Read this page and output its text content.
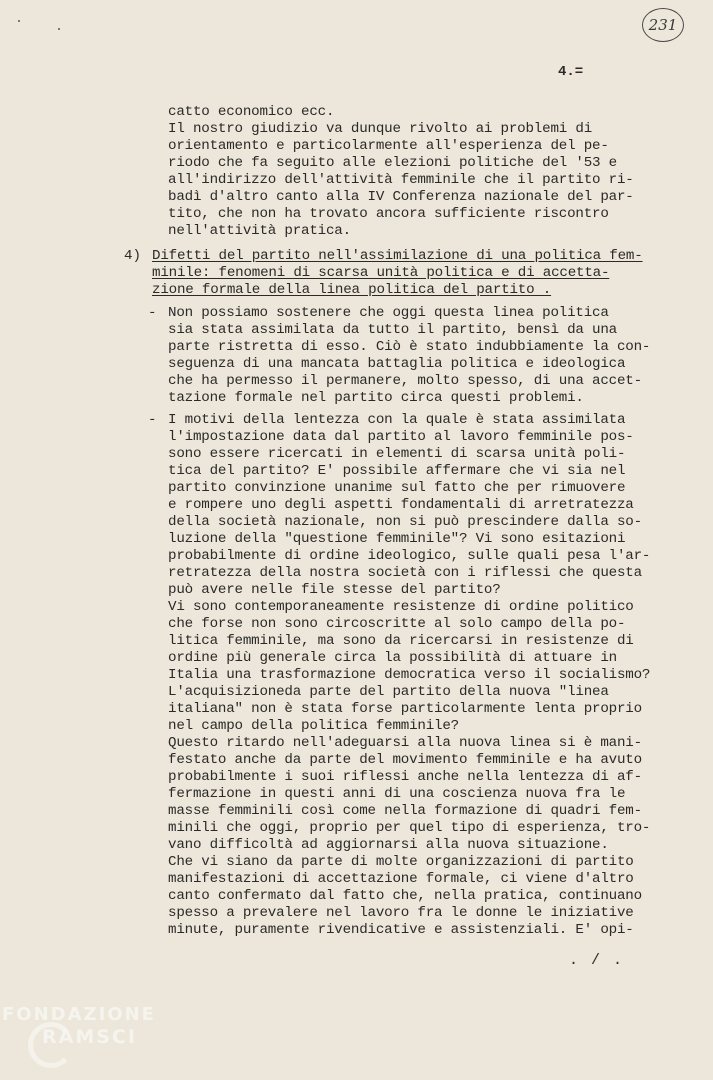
231
4.=
catto economico ecc.
Il nostro giudizio va dunque rivolto ai problemi di
orientamento e particolarmente all'esperienza del pe-
riodo che fa seguito alle elezioni politiche del '53 e
all'indirizzo dell'attività femminile che il partito ri-
badì d'altro canto alla IV Conferenza nazionale del par-
tito, che non ha trovato ancora sufficiente riscontro
nell'attività pratica.
4) Difetti del partito nell'assimilazione di una politica fem-
minile: fenomeni di scarsa unità politica e di accetta-
zione formale della linea politica del partito .
- Non possiamo sostenere che oggi questa linea politica
sia stata assimilata da tutto il partito, bensì da una
parte ristretta di esso. Ciò è stato indubbiamente la con-
seguenza di una mancata battaglia politica e ideologica
che ha permesso il permanere, molto spesso, di una accet-
tazione formale nel partito circa questi problemi.
- I motivi della lentezza con la quale è stata assimilata
l'impostazione data dal partito al lavoro femminile pos-
sono essere ricercati in elementi di scarsa unità poli-
tica del partito? E' possibile affermare che vi sia nel
partito convinzione unanime sul fatto che per rimuovere
e rompere uno degli aspetti fondamentali di arretratezza
della società nazionale, non si può prescindere dalla so-
luzione della "questione femminile"? Vi sono esitazioni
probabilmente di ordine ideologico, sulle quali pesa l'ar-
retratezza della nostra società con i riflessi che questa
può avere nelle file stesse del partito?
Vi sono contemporaneamente resistenze di ordine politico
che forse non sono circoscritte al solo campo della po-
litica femminile, ma sono da ricercarsi in resistenze di
ordine più generale circa la possibilità di attuare in
Italia una trasformazione democratica verso il socialismo?
L'acquisizioneda parte del partito della nuova "linea
italiana" non è stata forse particolarmente lenta proprio
nel campo della politica femminile?
Questo ritardo nell'adeguarsi alla nuova linea si è mani-
festato anche da parte del movimento femminile e ha avuto
probabilmente i suoi riflessi anche nella lentezza di af-
fermazione in questi anni di una coscienza nuova fra le
masse femminili così come nella formazione di quadri fem-
minili che oggi, proprio per quel tipo di esperienza, tro-
vano difficoltà ad aggiornarsi alla nuova situazione.
Che vi siano da parte di molte organizzazioni di partito
manifestazioni di accettazione formale, ci viene d'altro
canto confermato dal fatto che, nella pratica, continuano
spesso a prevalere nel lavoro fra le donne le iniziative
minute, puramente rivendicative e assistenziali. E' opi-
. / .
FONDAZIONE
RAMSCI
